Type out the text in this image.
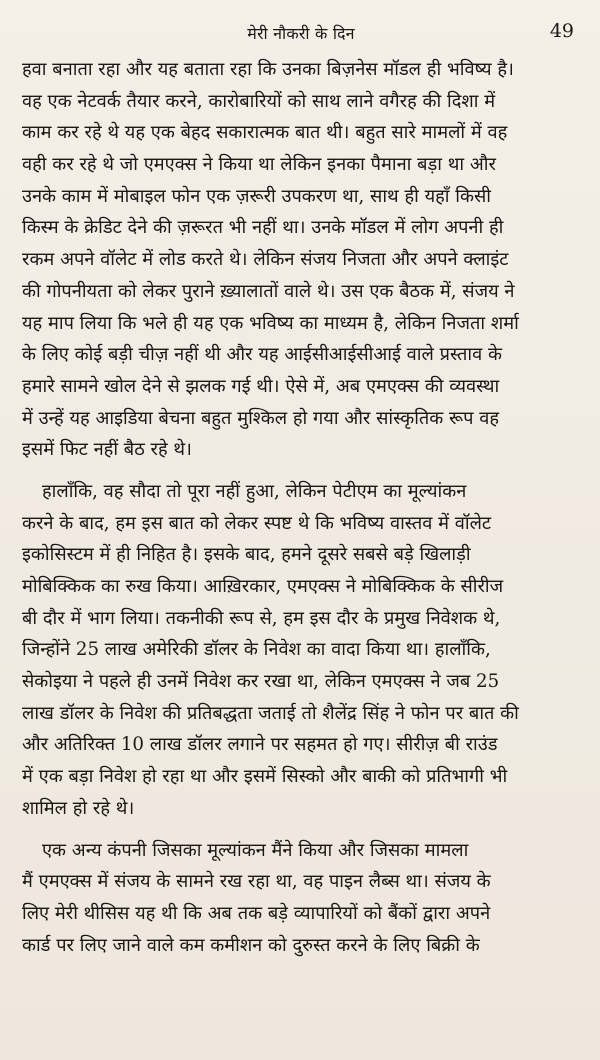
मेरी नौकरी के दिन	49
हवा बनाता रहा और यह बताता रहा कि उनका बिज़नेस मॉडल ही भविष्य है।
वह एक नेटवर्क तैयार करने, कारोबारियों को साथ लाने वगैरह की दिशा में
काम कर रहे थे यह एक बेहद सकारात्मक बात थी। बहुत सारे मामलों में वह
वही कर रहे थे जो एमएक्स ने किया था लेकिन इनका पैमाना बड़ा था और
उनके काम में मोबाइल फोन एक ज़रूरी उपकरण था, साथ ही यहाँ किसी
किस्म के क्रेडिट देने की ज़रूरत भी नहीं था। उनके मॉडल में लोग अपनी ही
रकम अपने वॉलेट में लोड करते थे। लेकिन संजय निजता और अपने क्लाइंट
की गोपनीयता को लेकर पुराने ख़्यालातों वाले थे। उस एक बैठक में, संजय ने
यह माप लिया कि भले ही यह एक भविष्य का माध्यम है, लेकिन निजता शर्मा
के लिए कोई बड़ी चीज़ नहीं थी और यह आईसीआईसीआई वाले प्रस्ताव के
हमारे सामने खोल देने से झलक गई थी। ऐसे में, अब एमएक्स की व्यवस्था
में उन्हें यह आइडिया बेचना बहुत मुश्किल हो गया और सांस्कृतिक रूप वह
इसमें फिट नहीं बैठ रहे थे।
हालाँकि, वह सौदा तो पूरा नहीं हुआ, लेकिन पेटीएम का मूल्यांकन
करने के बाद, हम इस बात को लेकर स्पष्ट थे कि भविष्य वास्तव में वॉलेट
इकोसिस्टम में ही निहित है। इसके बाद, हमने दूसरे सबसे बड़े खिलाड़ी
मोबिक्किक का रुख किया। आख़िरकार, एमएक्स ने मोबिक्किक के सीरीज
बी दौर में भाग लिया। तकनीकी रूप से, हम इस दौर के प्रमुख निवेशक थे,
जिन्होंने 25 लाख अमेरिकी डॉलर के निवेश का वादा किया था। हालाँकि,
सेकोइया ने पहले ही उनमें निवेश कर रखा था, लेकिन एमएक्स ने जब 25
लाख डॉलर के निवेश की प्रतिबद्धता जताई तो शैलेंद्र सिंह ने फोन पर बात की
और अतिरिक्त 10 लाख डॉलर लगाने पर सहमत हो गए। सीरीज़ बी राउंड
में एक बड़ा निवेश हो रहा था और इसमें सिस्को और बाकी को प्रतिभागी भी
शामिल हो रहे थे।
एक अन्य कंपनी जिसका मूल्यांकन मैंने किया और जिसका मामला
मैं एमएक्स में संजय के सामने रख रहा था, वह पाइन लैब्स था। संजय के
लिए मेरी थीसिस यह थी कि अब तक बड़े व्यापारियों को बैंकों द्वारा अपने
कार्ड पर लिए जाने वाले कम कमीशन को दुरुस्त करने के लिए बिक्री के
